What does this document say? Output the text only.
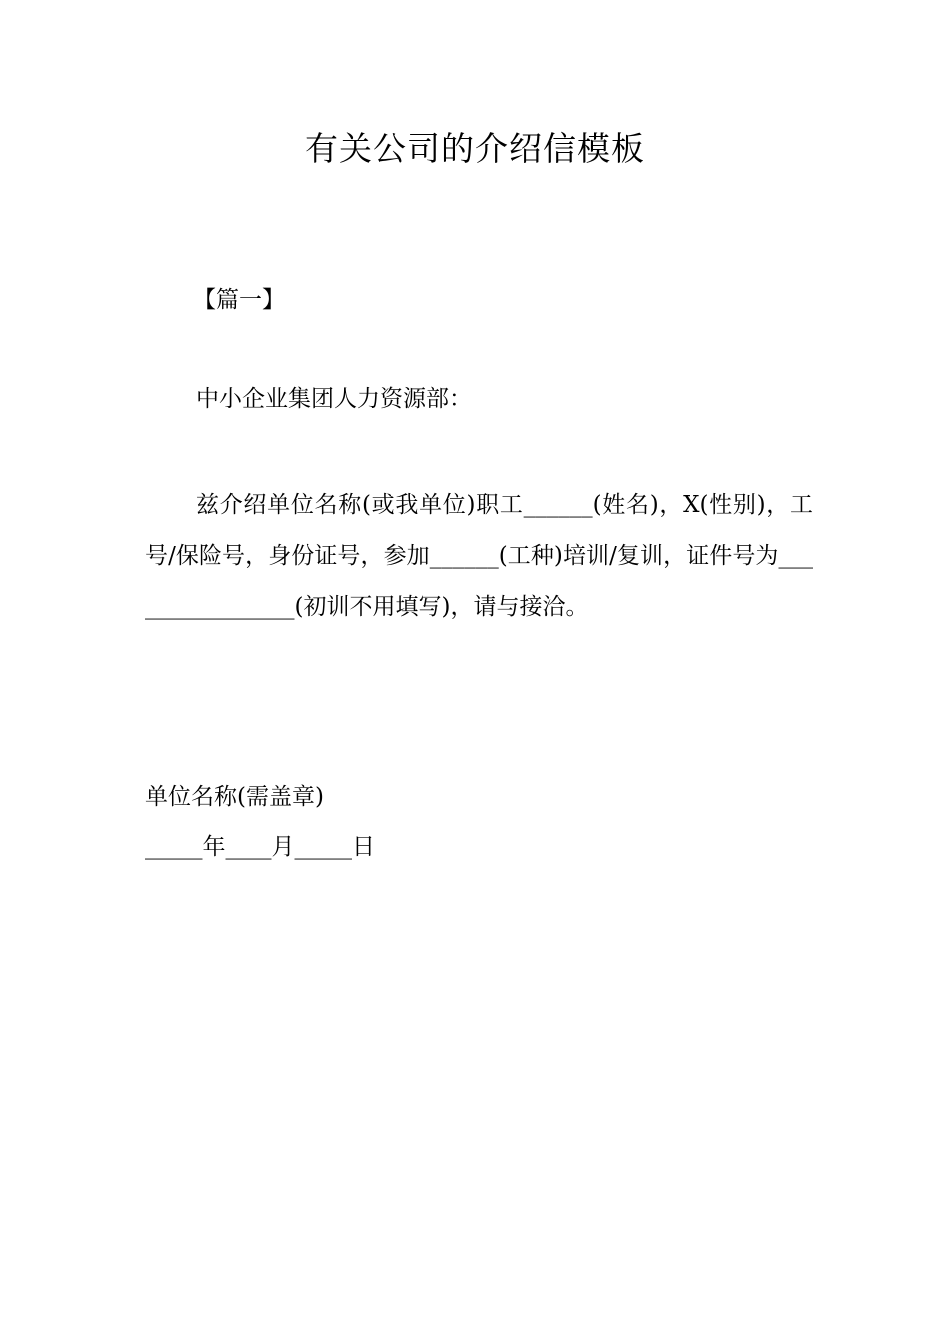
有关公司的介绍信模板
【篇一】
中小企业集团人力资源部：
兹介绍单位名称(或我单位)职工______(姓名)，X(性别)，工号/保险号，身份证号，参加______(工种)培训/复训，证件号为________________(初训不用填写)，请与接洽。
单位名称(需盖章)
_____年____月_____日
